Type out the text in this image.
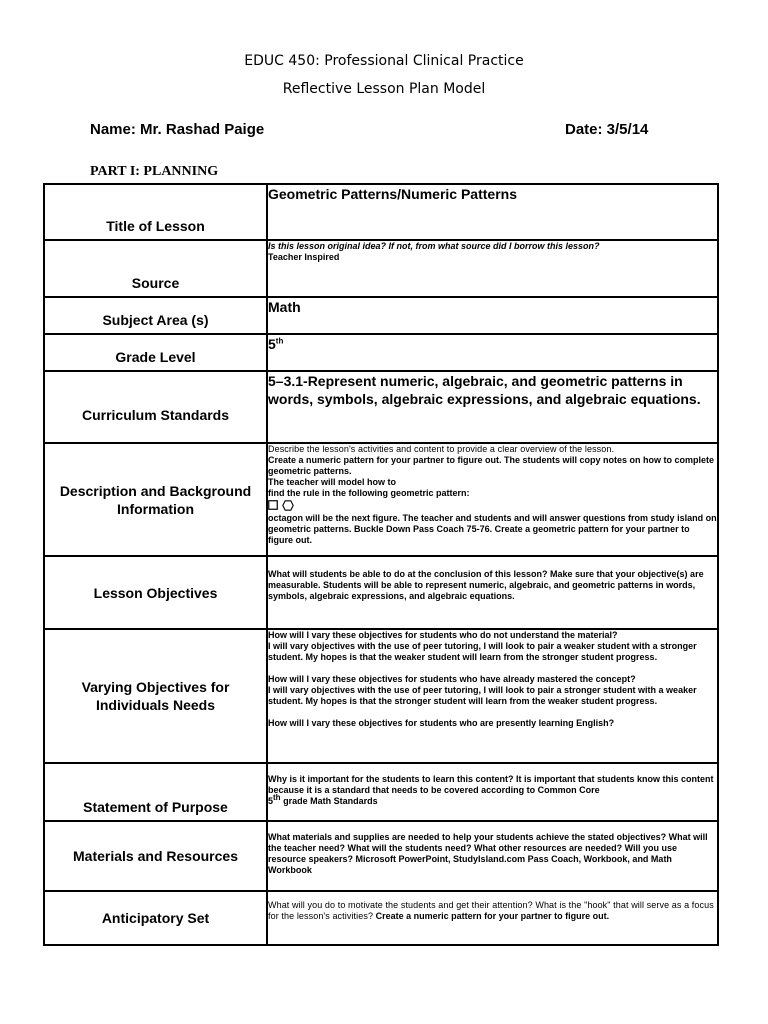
EDUC 450: Professional Clinical Practice
Reflective Lesson Plan Model
Name: Mr. Rashad Paige	Date: 3/5/14
PART I: PLANNING
Title of Lesson	Geometric Patterns/Numeric Patterns

Source	Is this lesson original idea? If not, from what source did I borrow this lesson?
Teacher Inspired

Subject Area (s)	Math

Grade Level	5th

Curriculum Standards	5–3.1-Represent numeric, algebraic, and geometric patterns in words, symbols, algebraic expressions, and algebraic equations.

Description and Background Information	Describe the lesson's activities and content to provide a clear overview of the lesson.

Create a numeric pattern for your partner to figure out. The students will copy notes on how to complete geometric patterns.

The teacher will model how to

find the rule in the following geometric pattern:

octagon will be the next figure. The teacher and students and will answer questions from study island on geometric patterns. Buckle Down Pass Coach 75-76. Create a geometric pattern for your partner to figure out.

Lesson Objectives	What will students be able to do at the conclusion of this lesson? Make sure that your objective(s) are measurable. Students will be able to represent numeric, algebraic, and geometric patterns in words, symbols, algebraic expressions, and algebraic equations.

Varying Objectives for Individuals Needs	How will I vary these objectives for students who do not understand the material?

I will vary objectives with the use of peer tutoring, I will look to pair a weaker student with a stronger student. My hopes is that the weaker student will learn from the stronger student progress.

How will I vary these objectives for students who have already mastered the concept?

I will vary objectives with the use of peer tutoring, I will look to pair a stronger student with a weaker student. My hopes is that the stronger student will learn from the weaker student progress.

How will I vary these objectives for students who are presently learning English?

Statement of Purpose	Why is it important for the students to learn this content? It is important that students know this content because it is a standard that needs to be covered according to Common Core
5th grade Math Standards

Materials and Resources	What materials and supplies are needed to help your students achieve the stated objectives? What will the teacher need? What will the students need? What other resources are needed? Will you use resource speakers? Microsoft PowerPoint, StudyIsland.com Pass Coach, Workbook, and Math Workbook

Anticipatory Set	What will you do to motivate the students and get their attention? What is the "hook" that will serve as a focus for the lesson's activities? Create a numeric pattern for your partner to figure out.
